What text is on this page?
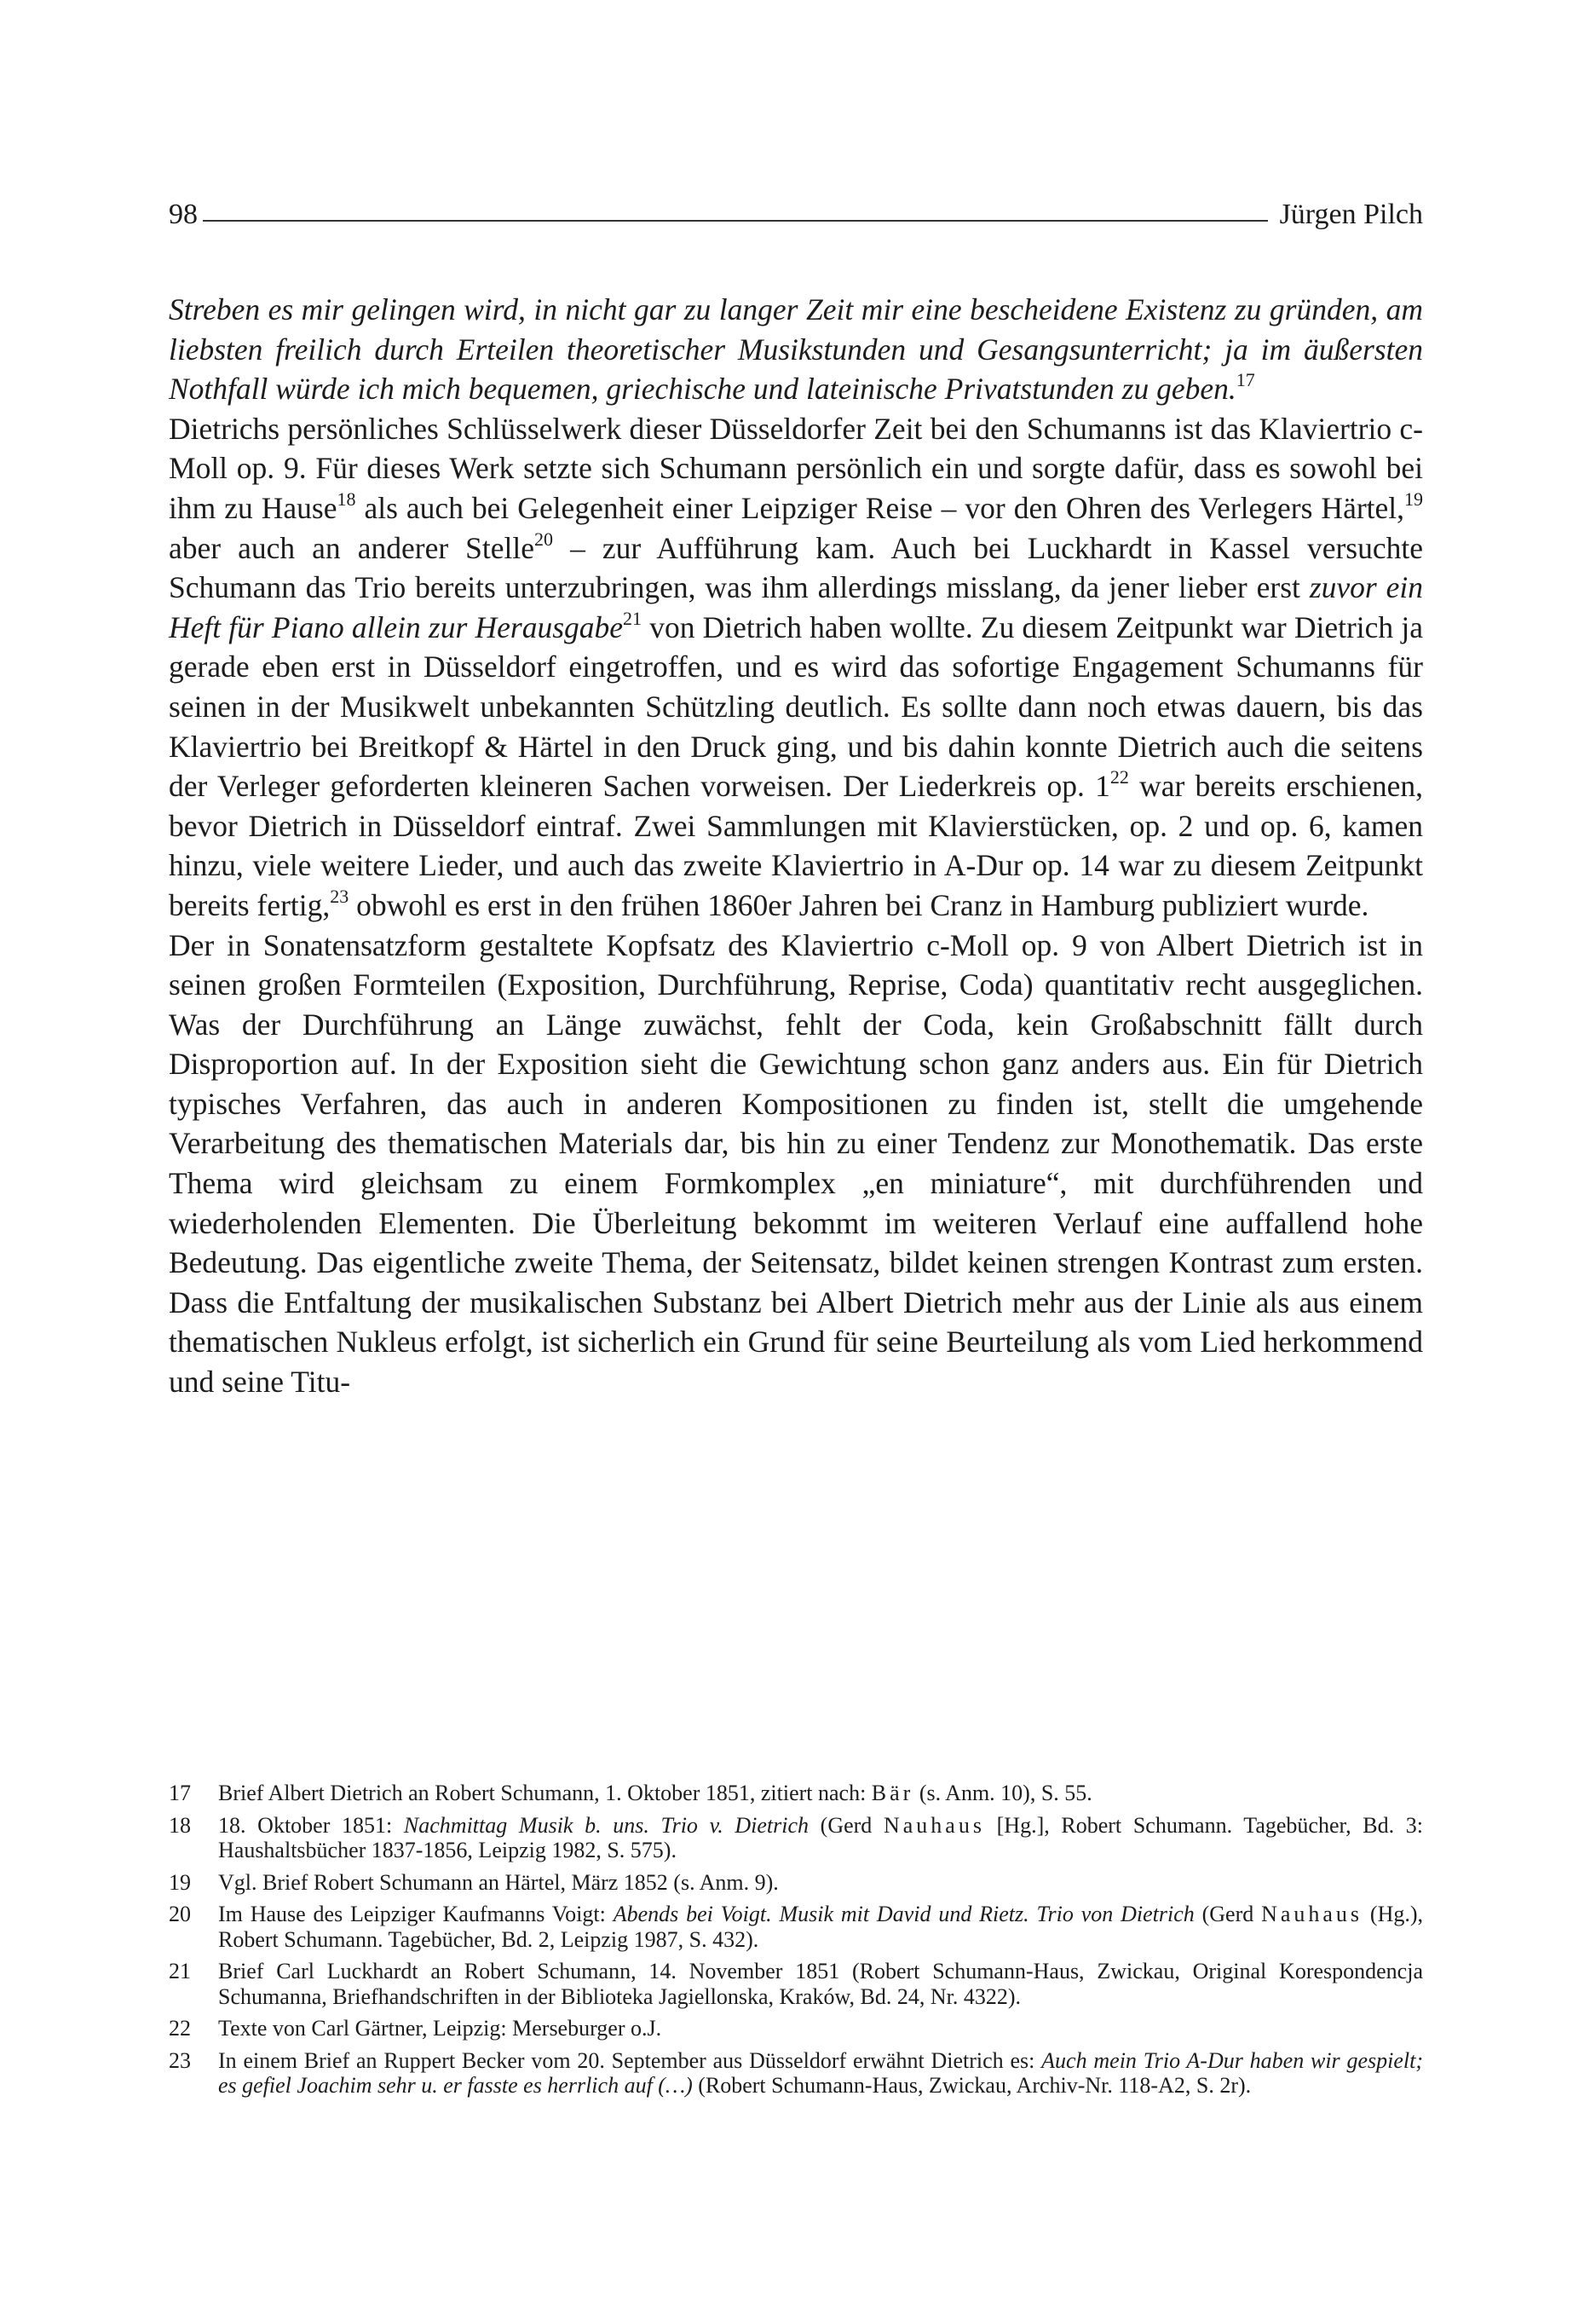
98	Jürgen Pilch

Streben es mir gelingen wird, in nicht gar zu langer Zeit mir eine bescheidene Existenz zu gründen, am liebsten freilich durch Erteilen theoretischer Musikstunden und Gesangsunterricht; ja im äußersten Nothfall würde ich mich bequemen, griechische und lateinische Privatstunden zu geben.$^{17}$

Dietrichs persönliches Schlüsselwerk dieser Düsseldorfer Zeit bei den Schumanns ist das Klaviertrio c-Moll op. 9. Für dieses Werk setzte sich Schumann persönlich ein und sorgte dafür, dass es sowohl bei ihm zu Hause$^{18}$ als auch bei Gelegenheit einer Leipziger Reise – vor den Ohren des Verlegers Härtel,$^{19}$ aber auch an anderer Stelle$^{20}$ – zur Aufführung kam. Auch bei Luckhardt in Kassel versuchte Schumann das Trio bereits unterzubringen, was ihm allerdings misslang, da jener lieber erst zuvor ein Heft für Piano allein zur Herausgabe$^{21}$ von Dietrich haben wollte. Zu diesem Zeitpunkt war Dietrich ja gerade eben erst in Düsseldorf eingetroffen, und es wird das sofortige Engagement Schumanns für seinen in der Musikwelt unbekannten Schützling deutlich. Es sollte dann noch etwas dauern, bis das Klaviertrio bei Breitkopf & Härtel in den Druck ging, und bis dahin konnte Dietrich auch die seitens der Verleger geforderten kleineren Sachen vorweisen. Der Liederkreis op. $1^{22}$ war bereits erschienen, bevor Dietrich in Düsseldorf eintraf. Zwei Sammlungen mit Klavierstücken, op. 2 und op. 6, kamen hinzu, viele weitere Lieder, und auch das zweite Klaviertrio in A-Dur op. 14 war zu diesem Zeitpunkt bereits fertig,$^{23}$ obwohl es erst in den frühen 1860er Jahren bei Cranz in Hamburg publiziert wurde.

Der in Sonatensatzform gestaltete Kopfsatz des Klaviertrio c-Moll op. 9 von Albert Dietrich ist in seinen großen Formteilen (Exposition, Durchführung, Reprise, Coda) quantitativ recht ausgeglichen. Was der Durchführung an Länge zuwächst, fehlt der Coda, kein Großabschnitt fällt durch Disproportion auf. In der Exposition sieht die Gewichtung schon ganz anders aus. Ein für Dietrich typisches Verfahren, das auch in anderen Kompositionen zu finden ist, stellt die umgehende Verarbeitung des thematischen Materials dar, bis hin zu einer Tendenz zur Monothematik. Das erste Thema wird gleichsam zu einem Formkomplex „en miniature“, mit durchführenden und wiederholenden Elementen. Die Überleitung bekommt im weiteren Verlauf eine auffallend hohe Bedeutung. Das eigentliche zweite Thema, der Seitensatz, bildet keinen strengen Kontrast zum ersten. Dass die Entfaltung der musikalischen Substanz bei Albert Dietrich mehr aus der Linie als aus einem thematischen Nukleus erfolgt, ist sicherlich ein Grund für seine Beurteilung als vom Lied herkommend und seine Titu-

17	Brief Albert Dietrich an Robert Schumann, 1. Oktober 1851, zitiert nach: Bär (s. Anm. 10), S. 55.
18	18. Oktober 1851: Nachmittag Musik b. uns. Trio v. Dietrich (Gerd Nauhaus [Hg.], Robert Schumann. Tagebücher, Bd. 3: Haushaltsbücher 1837-1856, Leipzig 1982, S. 575).
19	Vgl. Brief Robert Schumann an Härtel, März 1852 (s. Anm. 9).
20	Im Hause des Leipziger Kaufmanns Voigt: Abends bei Voigt. Musik mit David und Rietz. Trio von Dietrich (Gerd Nauhaus (Hg.), Robert Schumann. Tagebücher, Bd. 2, Leipzig 1987, S. 432).
21	Brief Carl Luckhardt an Robert Schumann, 14. November 1851 (Robert Schumann-Haus, Zwickau, Original Korespondencja Schumanna, Briefhandschriften in der Biblioteka Jagiellonska, Kraków, Bd. 24, Nr. 4322).
22	Texte von Carl Gärtner, Leipzig: Merseburger o.J.
23	In einem Brief an Ruppert Becker vom 20. September aus Düsseldorf erwähnt Dietrich es: Auch mein Trio A-Dur haben wir gespielt; es gefiel Joachim sehr u. er fasste es herrlich auf (…) (Robert Schumann-Haus, Zwickau, Archiv-Nr. 118-A2, S. 2r).
